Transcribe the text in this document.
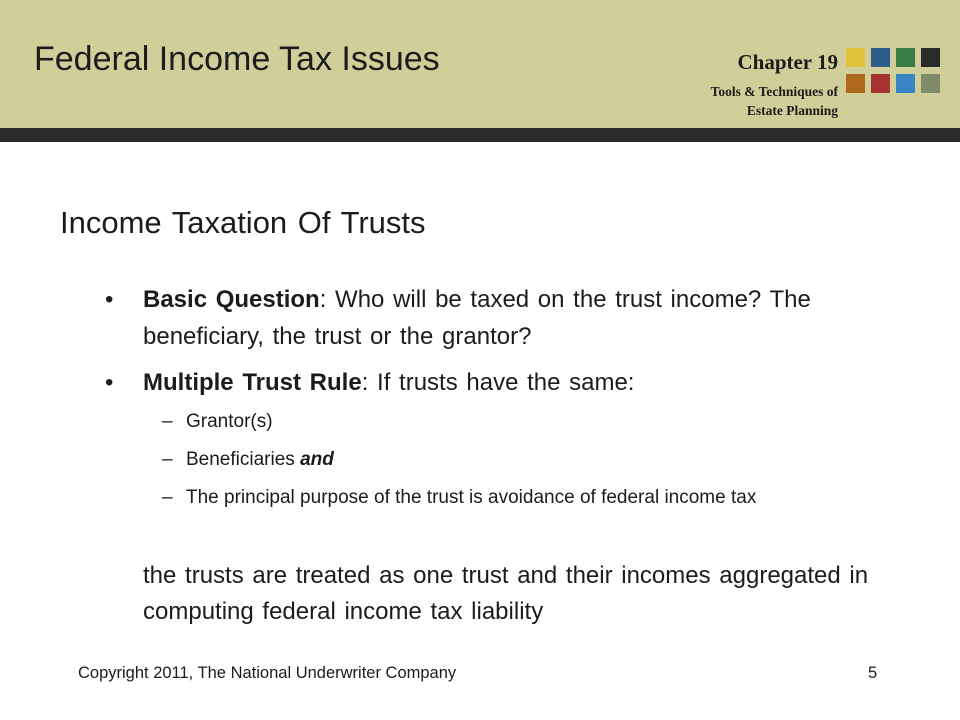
Federal Income Tax Issues	Chapter 19
Tools & Techniques of
Estate Planning
Income Taxation Of Trusts
• Basic Question: Who will be taxed on the trust income? The beneficiary, the trust or the grantor?
• Multiple Trust Rule: If trusts have the same:
– Grantor(s)
– Beneficiaries and
– The principal purpose of the trust is avoidance of federal income tax
the trusts are treated as one trust and their incomes aggregated in computing federal income tax liability
Copyright 2011, The National Underwriter Company	5
